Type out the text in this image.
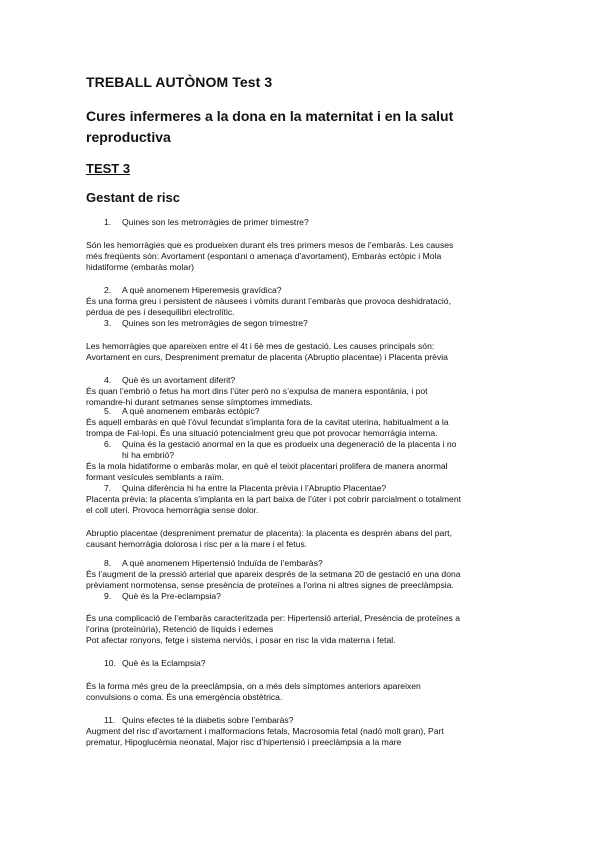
TREBALL AUTÒNOM Test 3
Cures infermeres a la dona en la maternitat i en la salut reproductiva
TEST 3
Gestant de risc
1. Quines son les metrorràgies de primer trimestre?
Són les hemorràgies que es produeixen durant els tres primers mesos de l’embaràs. Les causes
més freqüents són: Avortament (espontani o amenaça d’avortament), Embaràs ectòpic i Mola
hidatiforme (embaràs molar)
2. A què anomenem Hiperemesis gravídica?
És una forma greu i persistent de nàusees i vòmits durant l’embaràs que provoca deshidratació,
pèrdua de pes i desequilibri electrolític.
3. Quines son les metrorràgies de segon trimestre?
Les hemorràgies que apareixen entre el 4t i 6è mes de gestació. Les causes principals són:
Avortament en curs, Despreniment prematur de placenta (Abruptio placentae) i Placenta prèvia
4. Què és un avortament diferit?
És quan l’embrió o fetus ha mort dins l’úter però no s’expulsa de manera espontània, i pot
romandre-hi durant setmanes sense símptomes immediats.
5. A què anomenem embaràs ectòpic?
És aquell embaràs en què l’òvul fecundat s’implanta fora de la cavitat uterina, habitualment a la
trompa de Fal·lopi. És una situació potencialment greu que pot provocar hemorràgia interna.
6. Quina és la gestació anormal en la que es produeix una degeneració de la placenta i no
hi ha embrió?
És la mola hidatiforme o embaràs molar, en què el teixit placentari prolifera de manera anormal
formant vesícules semblants a raïm.
7. Quina diferència hi ha entre la Placenta prèvia i l’Abruptio Placentae?
Placenta prèvia: la placenta s’implanta en la part baixa de l’úter i pot cobrir parcialment o totalment
el coll uterí. Provoca hemorràgia sense dolor.
Abruptio placentae (despreniment prematur de placenta): la placenta es desprèn abans del part,
causant hemorràgia dolorosa i risc per a la mare i el fetus.
8. A què anomenem Hipertensió Induïda de l’embaràs?
És l’augment de la pressió arterial que apareix després de la setmana 20 de gestació en una dona
prèviament normotensa, sense presència de proteïnes a l’orina ni altres signes de preeclàmpsia.
9. Què és la Pre-eclampsia?
És una complicació de l’embaràs caracteritzada per: Hipertensió arterial, Presència de proteïnes a
l’orina (proteïnúria), Retenció de líquids i edemes
Pot afectar ronyons, fetge i sistema nerviós, i posar en risc la vida materna i fetal.
10. Què és la Eclampsia?
És la forma més greu de la preeclàmpsia, on a més dels símptomes anteriors apareixen
convulsions o coma. És una emergència obstètrica.
11. Quins efectes té la diabetis sobre l’embaràs?
Augment del risc d’avortament i malformacions fetals, Macrosomia fetal (nadó molt gran), Part
prematur, Hipoglucèmia neonatal, Major risc d’hipertensió i preeclàmpsia a la mare
